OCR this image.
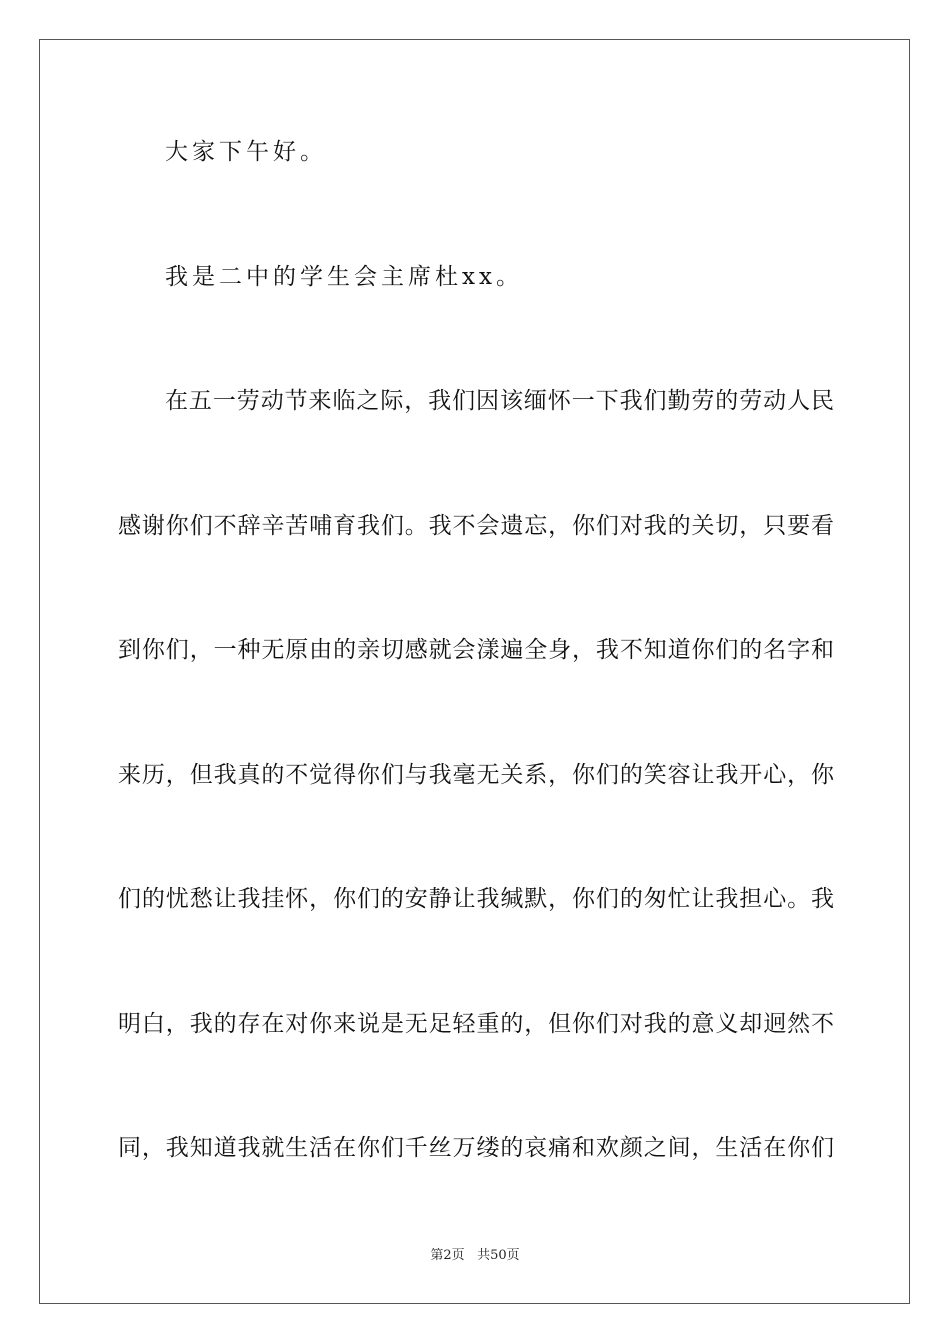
大家下午好。
我是二中的学生会主席杜xx。
在五一劳动节来临之际，我们因该缅怀一下我们勤劳的劳动人民
感谢你们不辞辛苦哺育我们。我不会遗忘，你们对我的关切，只要看
到你们，一种无原由的亲切感就会漾遍全身，我不知道你们的名字和
来历，但我真的不觉得你们与我毫无关系，你们的笑容让我开心，你
们的忧愁让我挂怀，你们的安静让我缄默，你们的匆忙让我担心。我
明白，我的存在对你来说是无足轻重的，但你们对我的意义却迥然不
同，我知道我就生活在你们千丝万缕的哀痛和欢颜之间，生活在你们
第2页 共50页
